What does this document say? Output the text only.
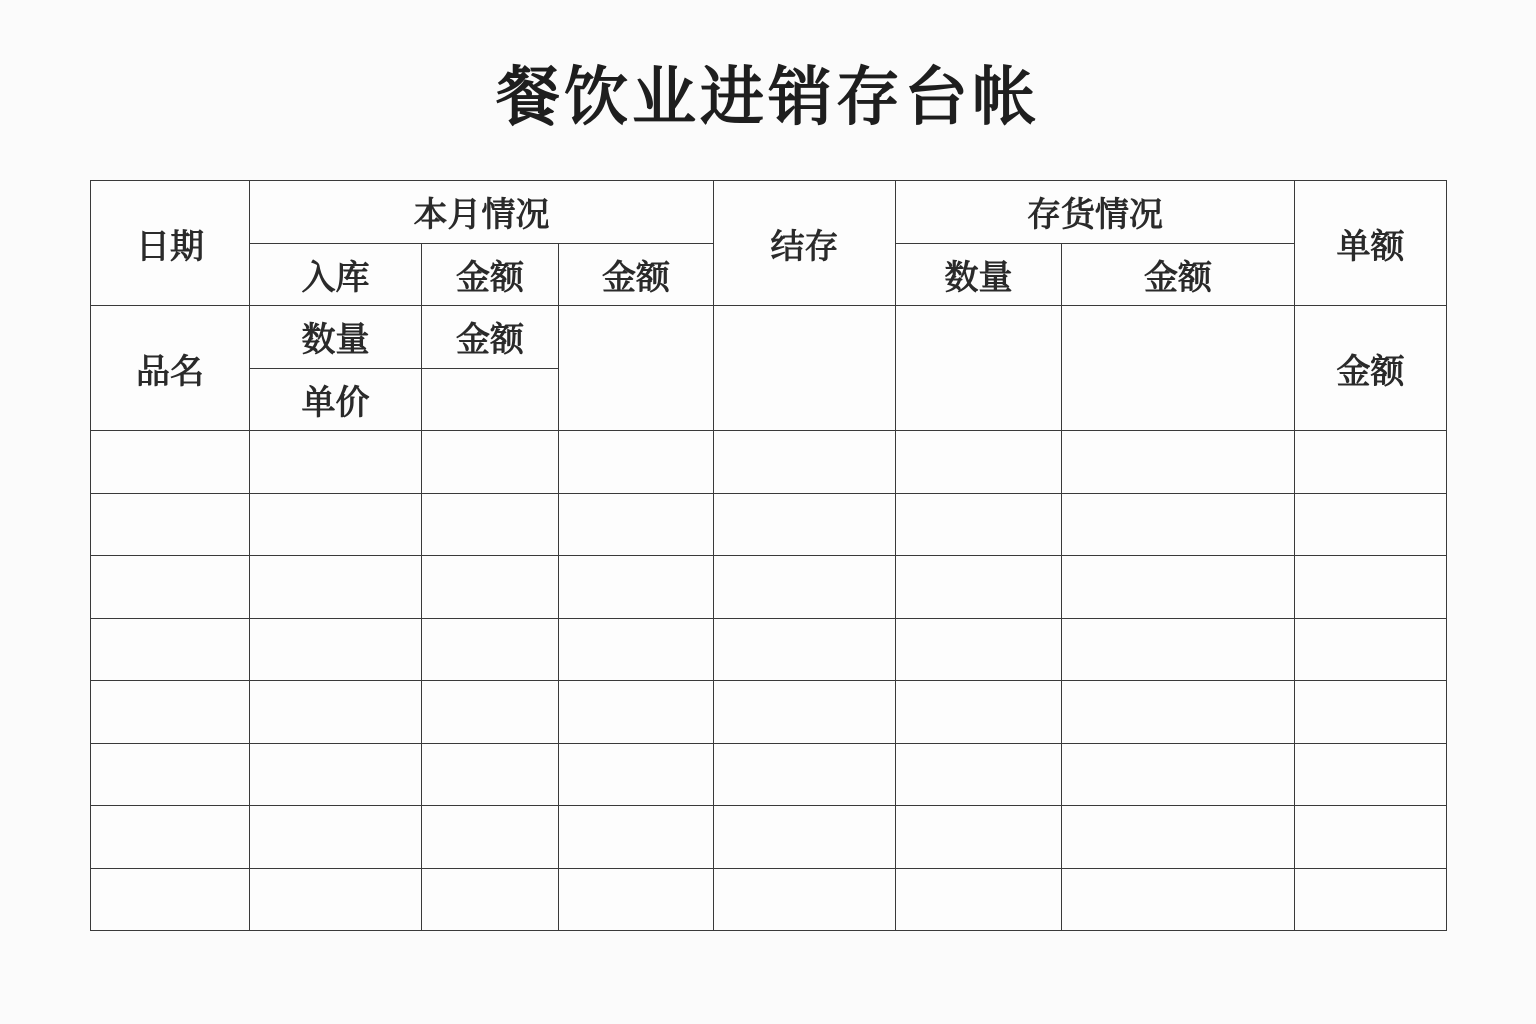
餐饮业进销存台帐
日期	本月情况			结存	存货情况		单额
	入库	金额	金额		数量	金额	
品名	数量	金额					金额
	单价						
